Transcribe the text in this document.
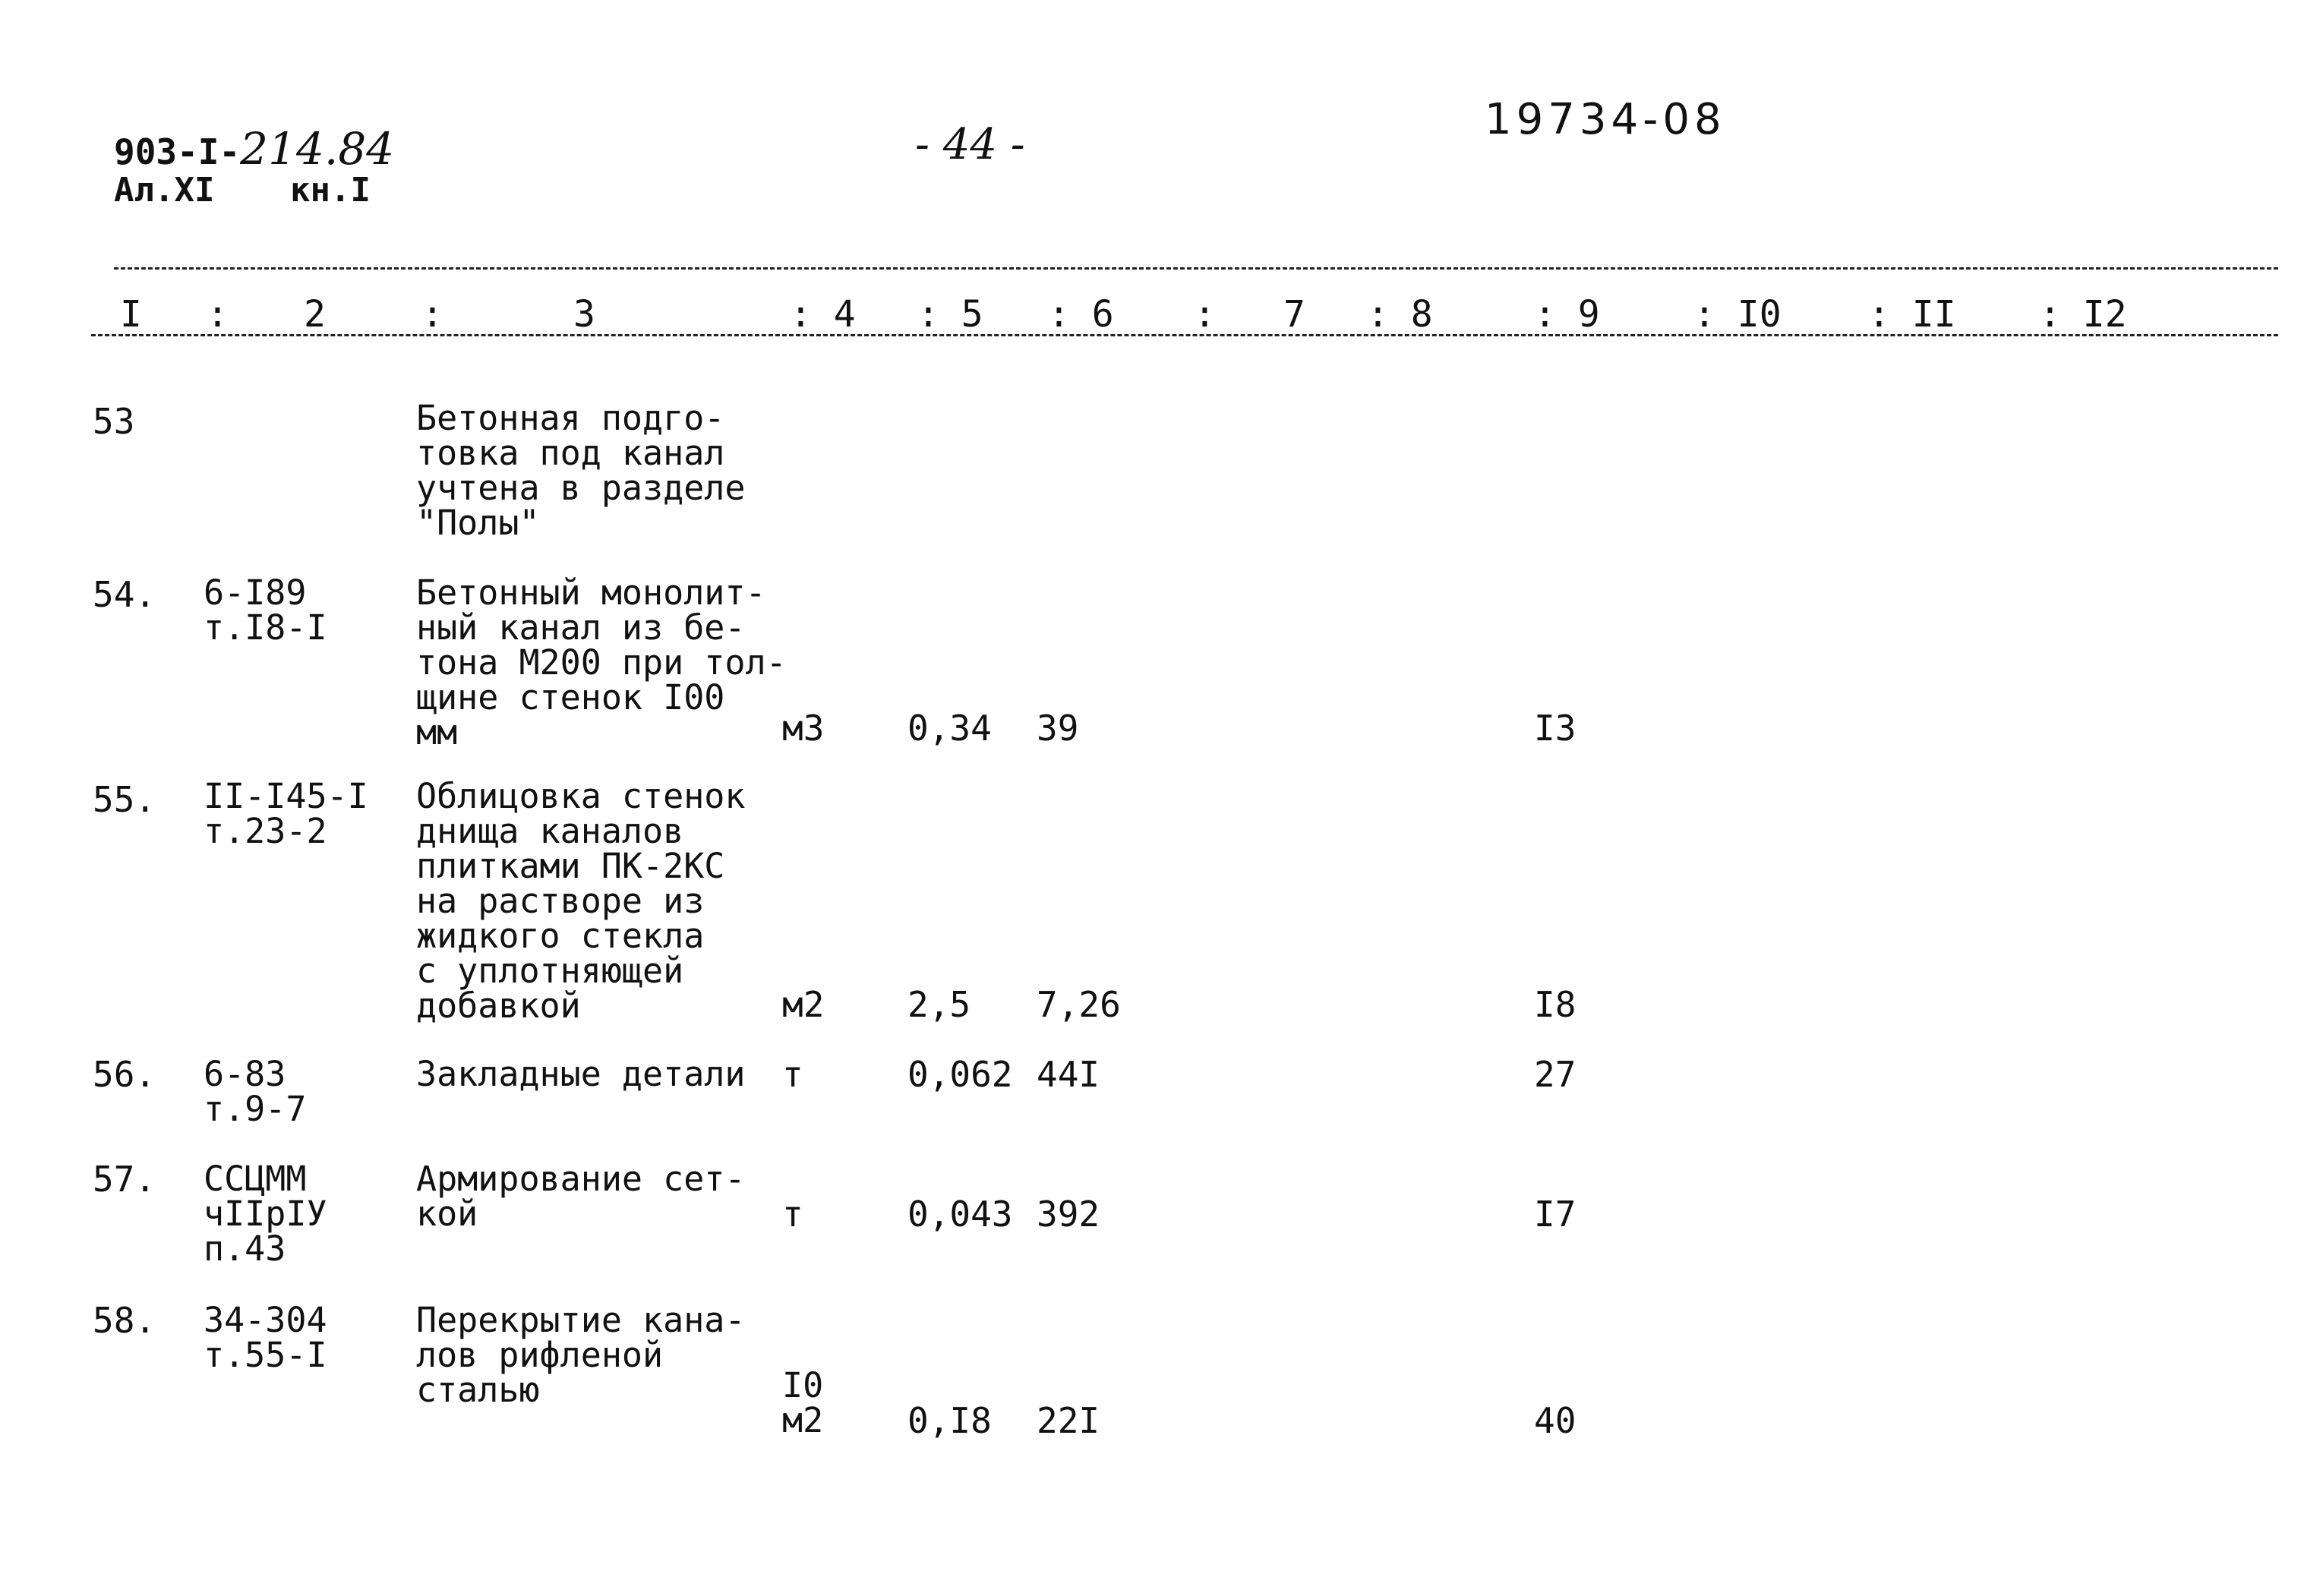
903-I-214.84
Ал.XI кн.I
- 44 -
19734-08
I : 2	:	3	: 4 : 5 : 6 : 7 : 8	: 9	: I0 : II : I2
53	Бетонная подго-
товка под канал
учтена в разделе
"Полы"
54. 6-I89
т.I8-I
Бетонный монолит-
ный канал из бе-
тона М200 при тол-
щине стенок I00
мм	м3 0,34 39	I3
55. II-I45-I
т.23-2
Облицовка стенок
днища каналов
плитками ПК-2КС
на растворе из
жидкого стекла
с уплотняющей
добавкой	м2 2,5 7,26	I8
56. 6-83
т.9-7
Закладные детали т	0,062 44I	27
57. ССЦММ
чIIрIУ
п.43
Армирование сет-
кой	т	0,043 392	I7
58. 34-304
т.55-I
Перекрытие кана-
лов рифленой
сталью	I0
м2 0,I8 22I	40
